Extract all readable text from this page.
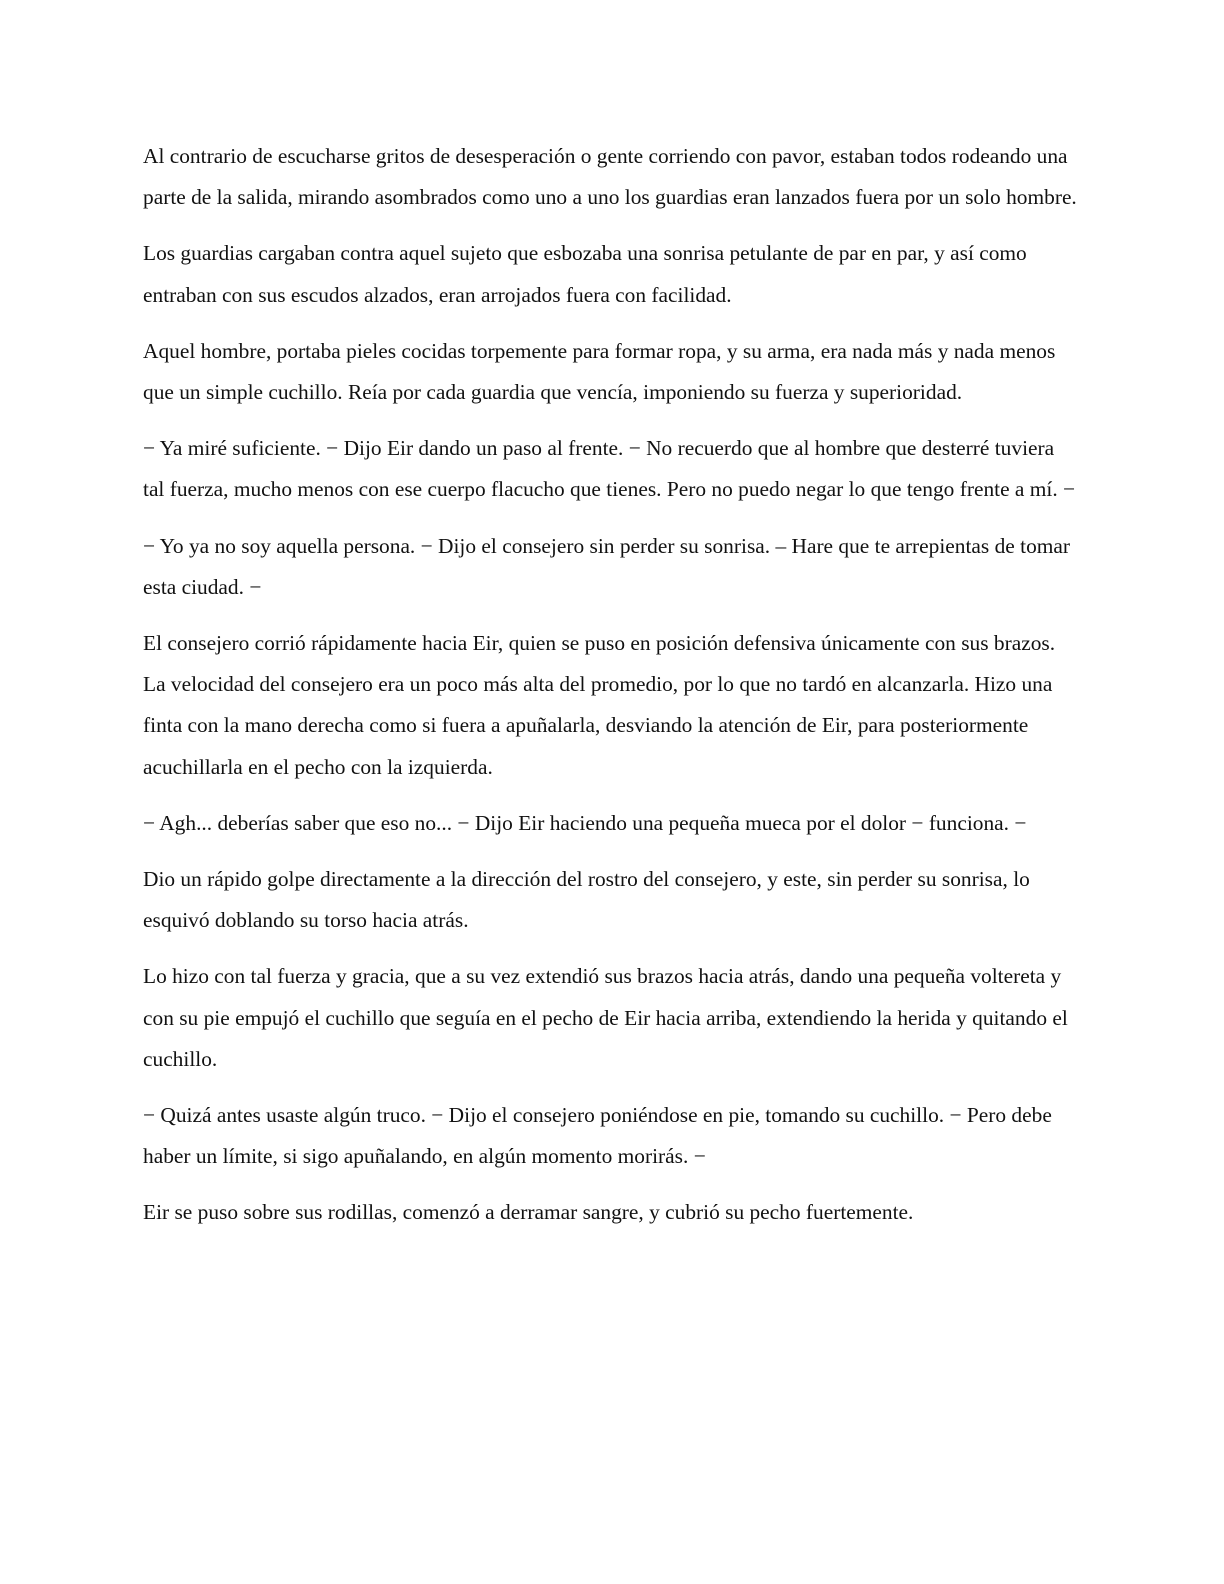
Al contrario de escucharse gritos de desesperación o gente corriendo con pavor, estaban todos rodeando una parte de la salida, mirando asombrados como uno a uno los guardias eran lanzados fuera por un solo hombre.

Los guardias cargaban contra aquel sujeto que esbozaba una sonrisa petulante de par en par, y así como entraban con sus escudos alzados, eran arrojados fuera con facilidad.

Aquel hombre, portaba pieles cocidas torpemente para formar ropa, y su arma, era nada más y nada menos que un simple cuchillo. Reía por cada guardia que vencía, imponiendo su fuerza y superioridad.

− Ya miré suficiente. − Dijo Eir dando un paso al frente. − No recuerdo que al hombre que desterré tuviera tal fuerza, mucho menos con ese cuerpo flacucho que tienes. Pero no puedo negar lo que tengo frente a mí. −

− Yo ya no soy aquella persona. − Dijo el consejero sin perder su sonrisa. – Hare que te arrepientas de tomar esta ciudad. −

El consejero corrió rápidamente hacia Eir, quien se puso en posición defensiva únicamente con sus brazos. La velocidad del consejero era un poco más alta del promedio, por lo que no tardó en alcanzarla. Hizo una finta con la mano derecha como si fuera a apuñalarla, desviando la atención de Eir, para posteriormente acuchillarla en el pecho con la izquierda.

− Agh... deberías saber que eso no... − Dijo Eir haciendo una pequeña mueca por el dolor − funciona. −

Dio un rápido golpe directamente a la dirección del rostro del consejero, y este, sin perder su sonrisa, lo esquivó doblando su torso hacia atrás.

Lo hizo con tal fuerza y gracia, que a su vez extendió sus brazos hacia atrás, dando una pequeña voltereta y con su pie empujó el cuchillo que seguía en el pecho de Eir hacia arriba, extendiendo la herida y quitando el cuchillo.

− Quizá antes usaste algún truco. − Dijo el consejero poniéndose en pie, tomando su cuchillo. − Pero debe haber un límite, si sigo apuñalando, en algún momento morirás. −

Eir se puso sobre sus rodillas, comenzó a derramar sangre, y cubrió su pecho fuertemente.
